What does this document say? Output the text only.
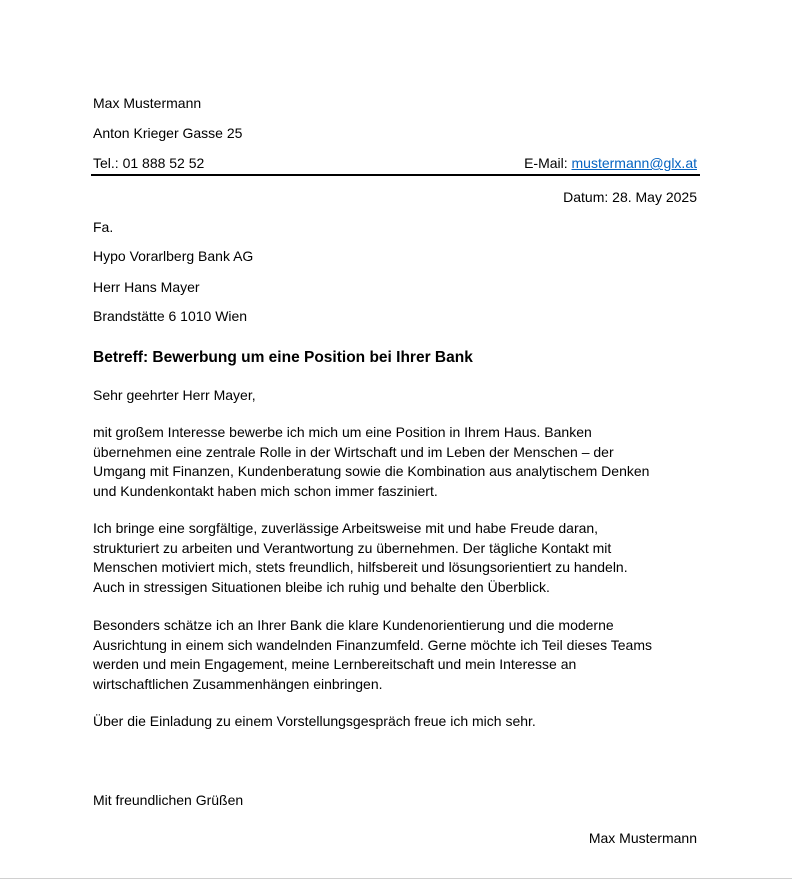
Max Mustermann
Anton Krieger Gasse 25
Tel.: 01 888 52 52	E-Mail: mustermann@glx.at
Datum: 28. May 2025
Fa.
Hypo Vorarlberg Bank AG
Herr Hans Mayer
Brandstätte 6 1010 Wien
Betreff: Bewerbung um eine Position bei Ihrer Bank
Sehr geehrter Herr Mayer,
mit großem Interesse bewerbe ich mich um eine Position in Ihrem Haus. Banken
übernehmen eine zentrale Rolle in der Wirtschaft und im Leben der Menschen – der
Umgang mit Finanzen, Kundenberatung sowie die Kombination aus analytischem Denken
und Kundenkontakt haben mich schon immer fasziniert.
Ich bringe eine sorgfältige, zuverlässige Arbeitsweise mit und habe Freude daran,
strukturiert zu arbeiten und Verantwortung zu übernehmen. Der tägliche Kontakt mit
Menschen motiviert mich, stets freundlich, hilfsbereit und lösungsorientiert zu handeln.
Auch in stressigen Situationen bleibe ich ruhig und behalte den Überblick.
Besonders schätze ich an Ihrer Bank die klare Kundenorientierung und die moderne
Ausrichtung in einem sich wandelnden Finanzumfeld. Gerne möchte ich Teil dieses Teams
werden und mein Engagement, meine Lernbereitschaft und mein Interesse an
wirtschaftlichen Zusammenhängen einbringen.
Über die Einladung zu einem Vorstellungsgespräch freue ich mich sehr.
Mit freundlichen Grüßen
Max Mustermann
